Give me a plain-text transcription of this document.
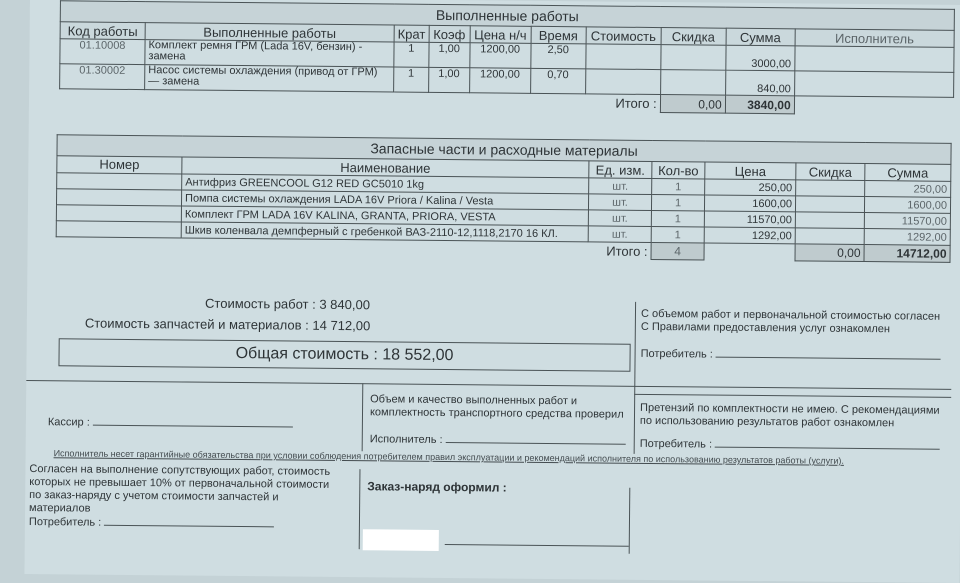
Выполненные работы									
Код работы	Выполненные работы	Крат	Коэф	Цена н/ч	Время	Стоимость	Скидка	Сумма	Исполнитель
01.10008	Комплект ремня ГРМ (Lada 16V, бензин) - замена	1	1,00	1200,00	2,50			3000,00	
01.30002	Насос системы охлаждения (привод от ГРМ) — замена	1	1,00	1200,00	0,70			840,00	
						Итого :	0,00	3840,00	
Запасные части и расходные материалы						
Номер	Наименование	Ед. изм.	Кол-во	Цена	Скидка	Сумма
	Антифриз GREENCOOL G12 RED GC5010 1kg	шт.	1	250,00		250,00
	Помпа системы охлаждения LADA 16V Priora / Kalina / Vesta	шт.	1	1600,00		1600,00
	Комплект ГРМ LADA 16V KALINA, GRANTA, PRIORA, VESTA	шт.	1	11570,00		11570,00
	Шкив коленвала демпферный с гребенкой ВАЗ-2110-12,1118,2170 16 КЛ.	шт.	1	1292,00		1292,00
		Итого :	4		0,00	14712,00
Стоимость работ : 3 840,00
Стоимость запчастей и материалов : 14 712,00
Общая стоимость : 18 552,00
С объемом работ и первоначальной стоимостью согласен
С Правилами предоставления услуг ознакомлен
Потребитель :
Кассир :
Объем и качество выполненных работ и
комплектность транспортного средства проверил
Исполнитель :
Претензий по комплектности не имею. С рекомендациями
по использованию результатов работ ознакомлен
Потребитель :
Исполнитель несет гарантийные обязательства при условии соблюдения потребителем правил эксплуатации и рекомендаций исполнителя по использованию результатов работы (услуги).
Согласен на выполнение сопутствующих работ, стоимость
которых не превышает 10% от первоначальной стоимости
по заказ-наряду с учетом стоимости запчастей и
материалов
Потребитель :
Заказ-наряд оформил :
